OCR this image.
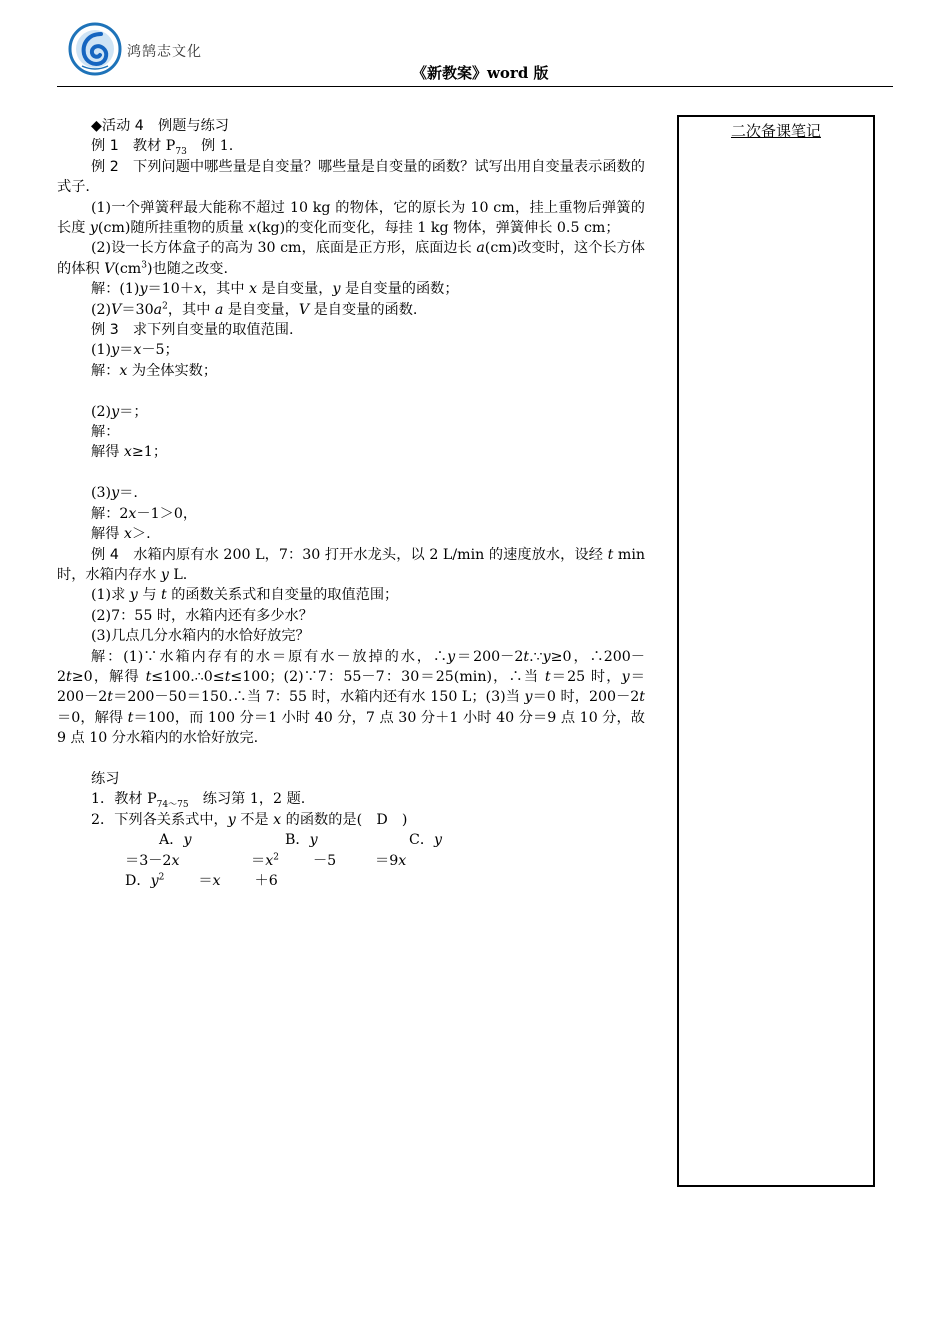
鸿鹄志文化
《新教案》word 版

◆活动 4　例题与练习

例 1　教材 $P_{73}$　例 1.

例 2　下列问题中哪些量是自变量？哪些量是自变量的函数？试写出用自变量表示函数的式子.

(1)一个弹簧秤最大能称不超过 10 kg 的物体，它的原长为 10 cm，挂上重物后弹簧的长度 y(cm)随所挂重物的质量 x(kg)的变化而变化，每挂 1 kg 物体，弹簧伸长 0.5 cm；

(2)设一长方体盒子的高为 30 cm，底面是正方形，底面边长 a(cm)改变时，这个长方体的体积 $V(cm^3)$也随之改变.

解：(1)y＝10＋x，其中 x 是自变量，y 是自变量的函数；

$(2)V=30a^2$，其中 a 是自变量，V 是自变量的函数.

例 3　求下列自变量的取值范围.

(1)y＝x－5；

解：x 为全体实数；

(2)y＝；

解：

解得 x≥1；

(3)y＝.

解：2x－1＞0，

解得 x＞.

例 4　水箱内原有水 200 L，7：30 打开水龙头，以 2 L/min 的速度放水，设经 t min 时，水箱内存水 y L.

(1)求 y 与 t 的函数关系式和自变量的取值范围；

(2)7：55 时，水箱内还有多少水？

(3)几点几分水箱内的水恰好放完？

解：(1)∵水箱内存有的水＝原有水－放掉的水，∴y＝200－2t.∵y≥0，∴200－2t≥0，解得 t≤100.∴0≤t≤100；(2)∵7：55－7：30＝25(min)，∴当 t＝25 时，y＝200－2t＝200－50＝150.∴当 7：55 时，水箱内还有水 150 L；(3)当 y＝0 时，200－2t＝0，解得 t＝100，而 100 分＝1 小时 40 分，7 点 30 分＋1 小时 40 分＝9 点 10 分，故 9 点 10 分水箱内的水恰好放完.

练习

1．教材 $P_{74\sim 75}$　练习第 1，2 题.

2．下列各关系式中，y 不是 x 的函数的是(　D　)

A．y＝3－2xB．$y=x^2 -5C$．y＝9xD．$y^2 =x +6$

二次备课笔记
